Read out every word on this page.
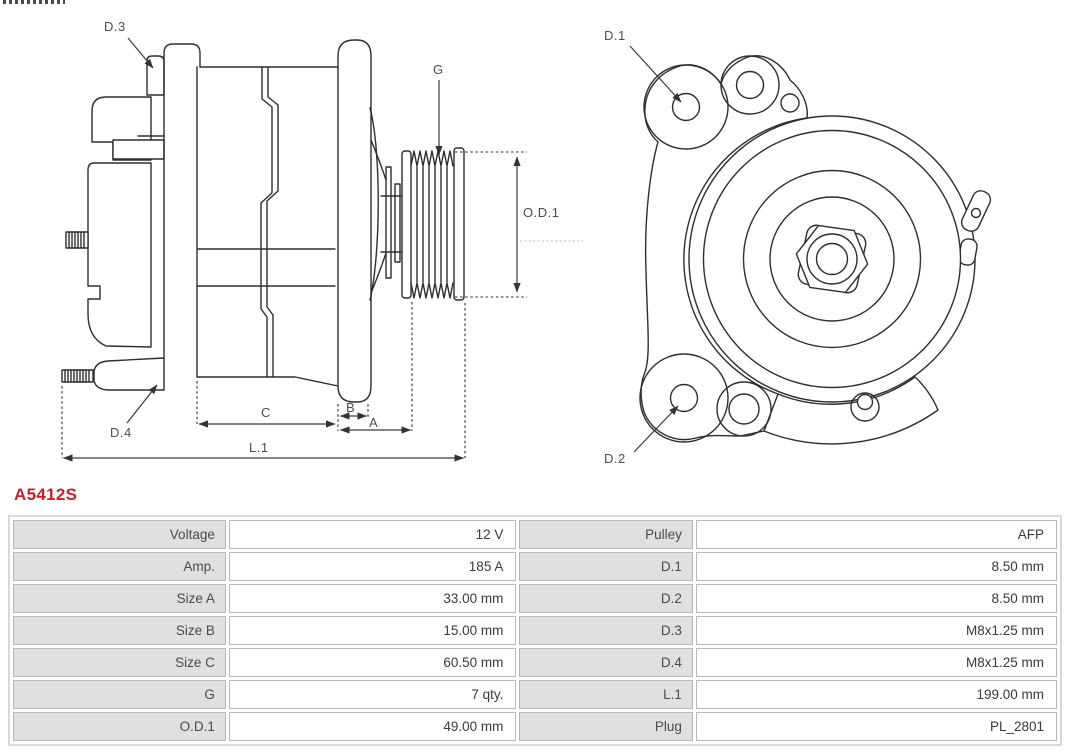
D.3
G
O.D.1
D.4
C	B
A
L.1
D.1
D.2
A5412S
Voltage	12 V	Pulley	AFP
Amp.	185 A	D.1	8.50 mm
Size A	33.00 mm	D.2	8.50 mm
Size B	15.00 mm	D.3	M8x1.25 mm
Size C	60.50 mm	D.4	M8x1.25 mm
G	7 qty.	L.1	199.00 mm
O.D.1	49.00 mm	Plug	PL_2801
